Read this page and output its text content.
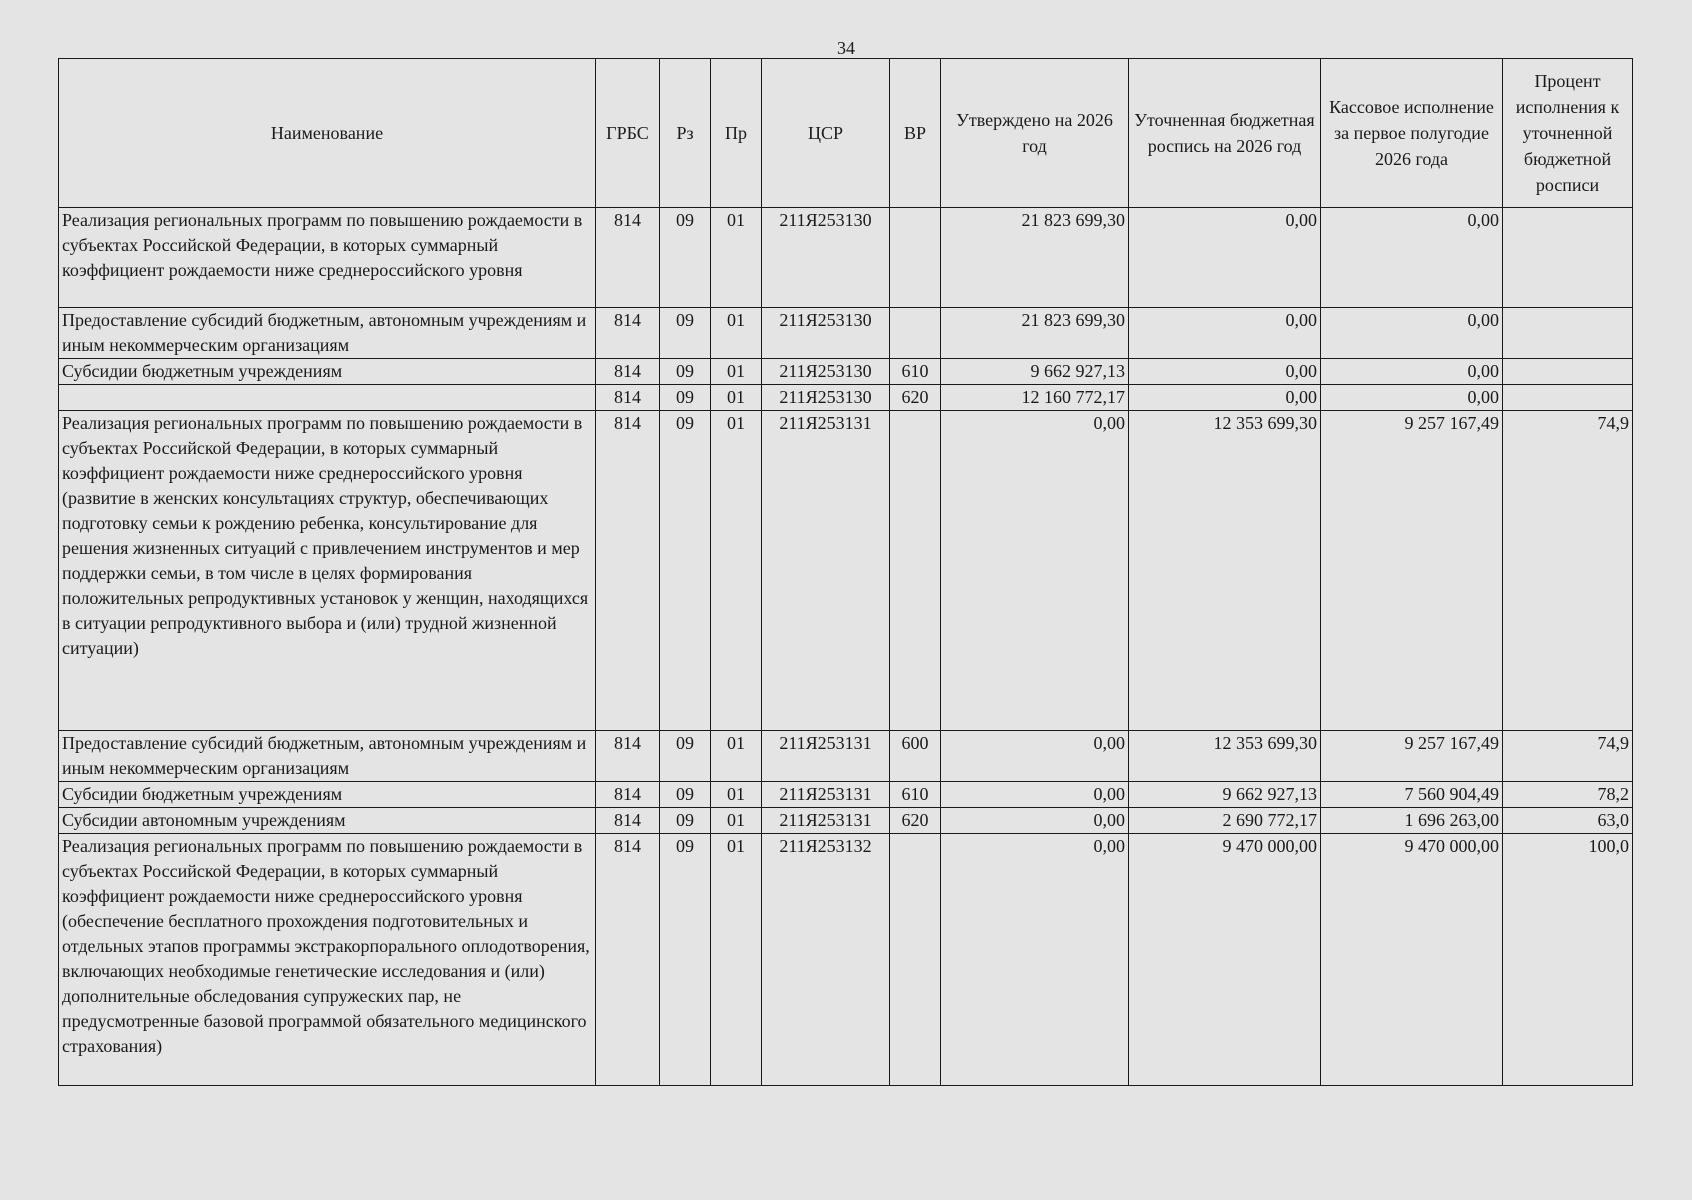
34
Наименование	ГРБС	Рз	Пр	ЦСР	ВР	Утверждено на 2026 год	Уточненная бюджетная роспись на 2026 год	Кассовое исполнение за первое полугодие 2026 года	Процент исполнения к уточненной бюджетной росписи
Реализация региональных программ по повышению рождаемости в субъектах Российской Федерации, в которых суммарный коэффициент рождаемости ниже среднероссийского уровня	814	09	01	211Я253130		21 823 699,30	0,00	0,00	
Предоставление субсидий бюджетным, автономным учреждениям и иным некоммерческим организациям	814	09	01	211Я253130		21 823 699,30	0,00	0,00	
Субсидии бюджетным учреждениям	814	09	01	211Я253130	610	9 662 927,13	0,00	0,00	
	814	09	01	211Я253130	620	12 160 772,17	0,00	0,00	
Реализация региональных программ по повышению рождаемости в субъектах Российской Федерации, в которых суммарный коэффициент рождаемости ниже среднероссийского уровня (развитие в женских консультациях структур, обеспечивающих подготовку семьи к рождению ребенка, консультирование для решения жизненных ситуаций с привлечением инструментов и мер поддержки семьи, в том числе в целях формирования положительных репродуктивных установок у женщин, находящихся в ситуации репродуктивного выбора и (или) трудной жизненной ситуации)	814	09	01	211Я253131		0,00	12 353 699,30	9 257 167,49	74,9
Предоставление субсидий бюджетным, автономным учреждениям и иным некоммерческим организациям	814	09	01	211Я253131	600	0,00	12 353 699,30	9 257 167,49	74,9
Субсидии бюджетным учреждениям	814	09	01	211Я253131	610	0,00	9 662 927,13	7 560 904,49	78,2
Субсидии автономным учреждениям	814	09	01	211Я253131	620	0,00	2 690 772,17	1 696 263,00	63,0
Реализация региональных программ по повышению рождаемости в субъектах Российской Федерации, в которых суммарный коэффициент рождаемости ниже среднероссийского уровня (обеспечение бесплатного прохождения подготовительных и отдельных этапов программы экстракорпорального оплодотворения, включающих необходимые генетические исследования и (или) дополнительные обследования супружеских пар, не предусмотренные базовой программой обязательного медицинского страхования)	814	09	01	211Я253132		0,00	9 470 000,00	9 470 000,00	100,0
